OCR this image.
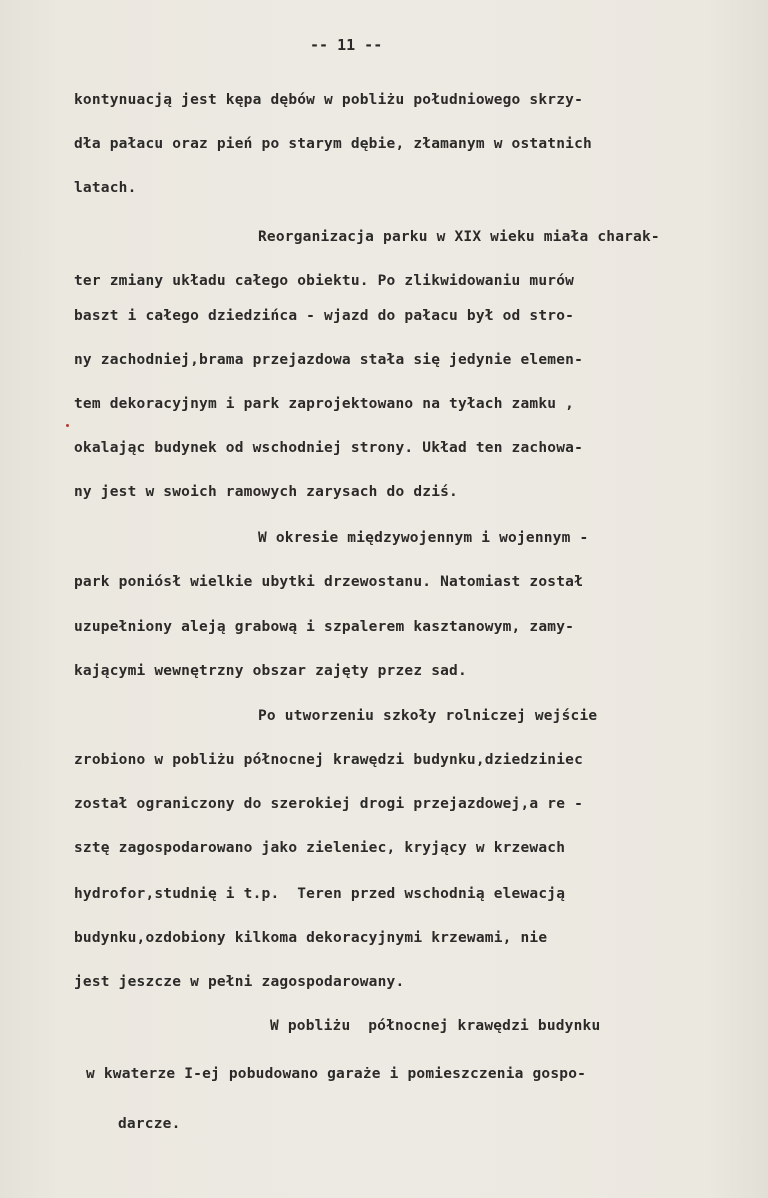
-- 11 --
kontynuacją jest kępa dębów w pobliżu południowego skrzy-
dła pałacu oraz pień po starym dębie, złamanym w ostatnich
latach.
Reorganizacja parku w XIX wieku miała charak-
ter zmiany układu całego obiektu. Po zlikwidowaniu murów
baszt i całego dziedzińca - wjazd do pałacu był od stro-
ny zachodniej,brama przejazdowa stała się jedynie elemen-
tem dekoracyjnym i park zaprojektowano na tyłach zamku ,
okalając budynek od wschodniej strony. Układ ten zachowa-
ny jest w swoich ramowych zarysach do dziś.
W okresie międzywojennym i wojennym -
park poniósł wielkie ubytki drzewostanu. Natomiast został
uzupełniony aleją grabową i szpalerem kasztanowym, zamy-
kającymi wewnętrzny obszar zajęty przez sad.
Po utworzeniu szkoły rolniczej wejście
zrobiono w pobliżu północnej krawędzi budynku,dziedziniec
został ograniczony do szerokiej drogi przejazdowej,a re -
sztę zagospodarowano jako zieleniec, kryjący w krzewach
hydrofor,studnię i t.p.  Teren przed wschodnią elewacją
budynku,ozdobiony kilkoma dekoracyjnymi krzewami, nie
jest jeszcze w pełni zagospodarowany.
W pobliżu  północnej krawędzi budynku
w kwaterze I-ej pobudowano garaże i pomieszczenia gospo-
darcze.
